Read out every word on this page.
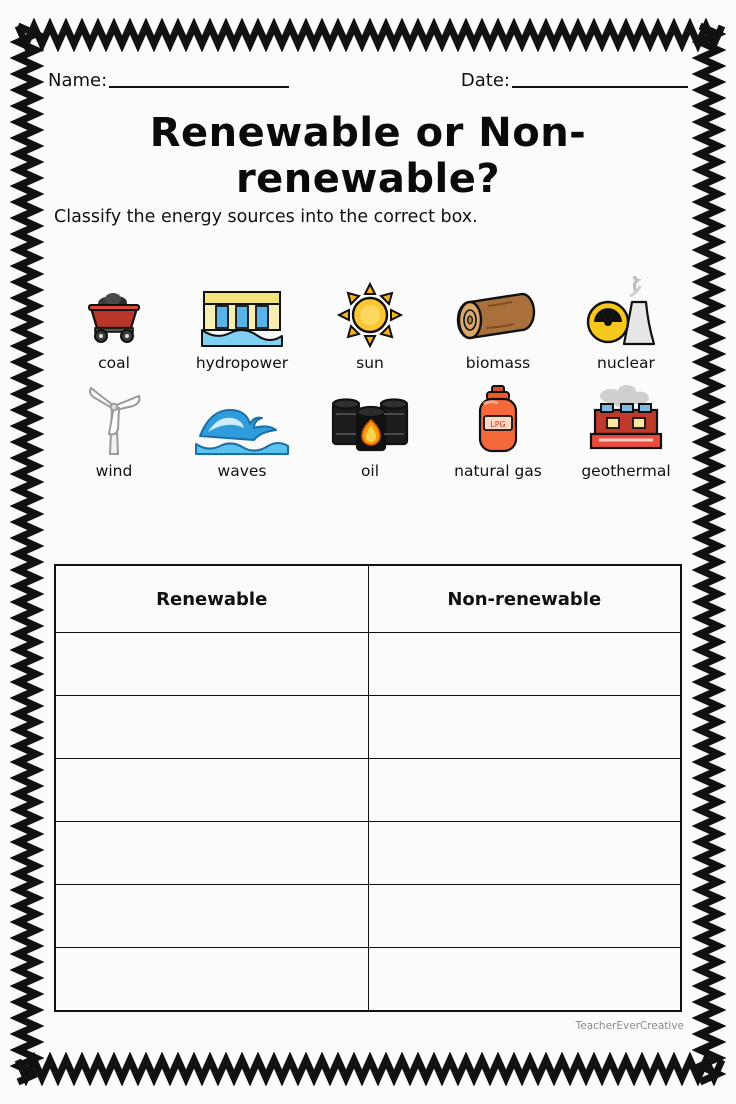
Name:	Date:
Renewable or Non-renewable?
Classify the energy sources into the correct box.
coal	hydropower	sun	biomass	nuclear
wind	waves	oil
LPG
natural gas	geothermal
Renewable	Non-renewable

TeacherEverCreative
